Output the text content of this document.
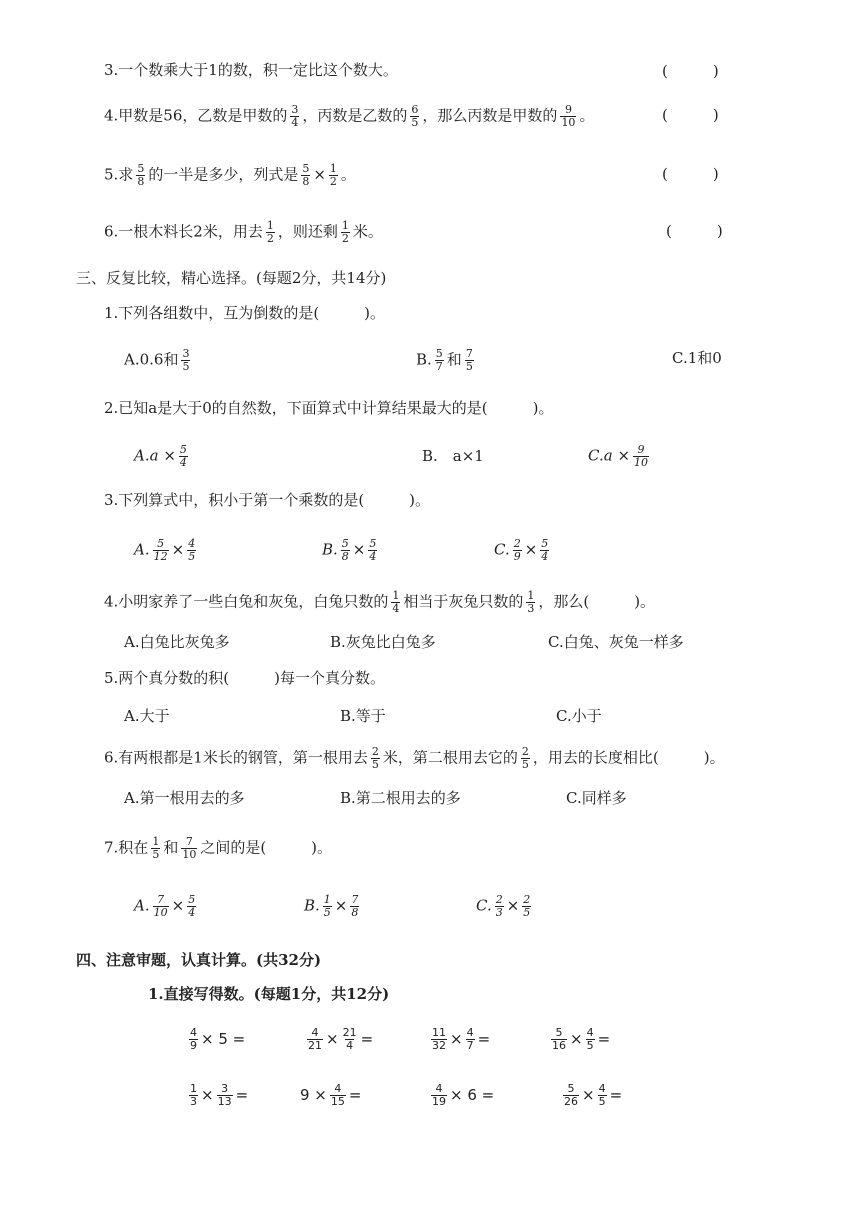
3.一个数乘大于1的数，积一定比这个数大。	(　　　)
4.甲数是56，乙数是甲数的 $\frac{3}{4}$ ，丙数是乙数的 $\frac{6}{5}$ ，那么丙数是甲数的 $\frac{9}{10}$ 。	(　　　)
5.求 $\frac{5}{8}$ 的一半是多少，列式是 $\frac{5}{8} \times \frac{1}{2}$ 。	(　　　)
6.一根木料长2米，用去 $\frac{1}{2}$ ，则还剩 $\frac{1}{2}$ 米。	(　　　)
三、反复比较，精心选择。(每题2分，共14分)
1.下列各组数中，互为倒数的是(　　　)。
A.0.6和 $\frac{3}{5}$	B. $\frac{5}{7}$ 和 $\frac{7}{5}$	C.1和0
2.已知a是大于0的自然数，下面算式中计算结果最大的是(　　　)。
$A.a \times \frac{5}{4}$	B.　a×1	$C.a \times \frac{9}{10}$
3.下列算式中，积小于第一个乘数的是(　　　)。
A. $\frac{5}{12} \times \frac{4}{5}$	B. $\frac{5}{8} \times \frac{5}{4}$	C. $\frac{2}{9} \times \frac{5}{4}$
4.小明家养了一些白兔和灰兔，白兔只数的 $\frac{1}{4}$ 相当于灰兔只数的 $\frac{1}{3}$ ，那么(　　　)。
A.白兔比灰兔多	B.灰兔比白兔多	C.白兔、灰兔一样多
5.两个真分数的积(　　　)每一个真分数。
A.大于	B.等于	C.小于
6.有两根都是1米长的钢管，第一根用去 $\frac{2}{5}$ 米，第二根用去它的 $\frac{2}{5}$ ，用去的长度相比(　　　)。
A.第一根用去的多	B.第二根用去的多	C.同样多
7.积在 $\frac{1}{5}$ 和 $\frac{7}{10}$ 之间的是(　　　)。
A. $\frac{7}{10} \times \frac{5}{4}$	B. $\frac{1}{5} \times \frac{7}{8}$	C. $\frac{2}{3} \times \frac{2}{5}$
四、注意审题，认真计算。(共32分)
1.直接写得数。(每题1分，共12分)
$\frac{4}{9} \times 5$ =	$\frac{4}{21} \times \frac{21}{4}$ =	$\frac{11}{32} \times \frac{4}{7}$ =	$\frac{5}{16} \times \frac{4}{5}$ =
$\frac{1}{3} \times \frac{3}{13}$ =	$9 \times \frac{4}{15}$ =	$\frac{4}{19} \times 6$ =	$\frac{5}{26} \times \frac{4}{5}$ =
